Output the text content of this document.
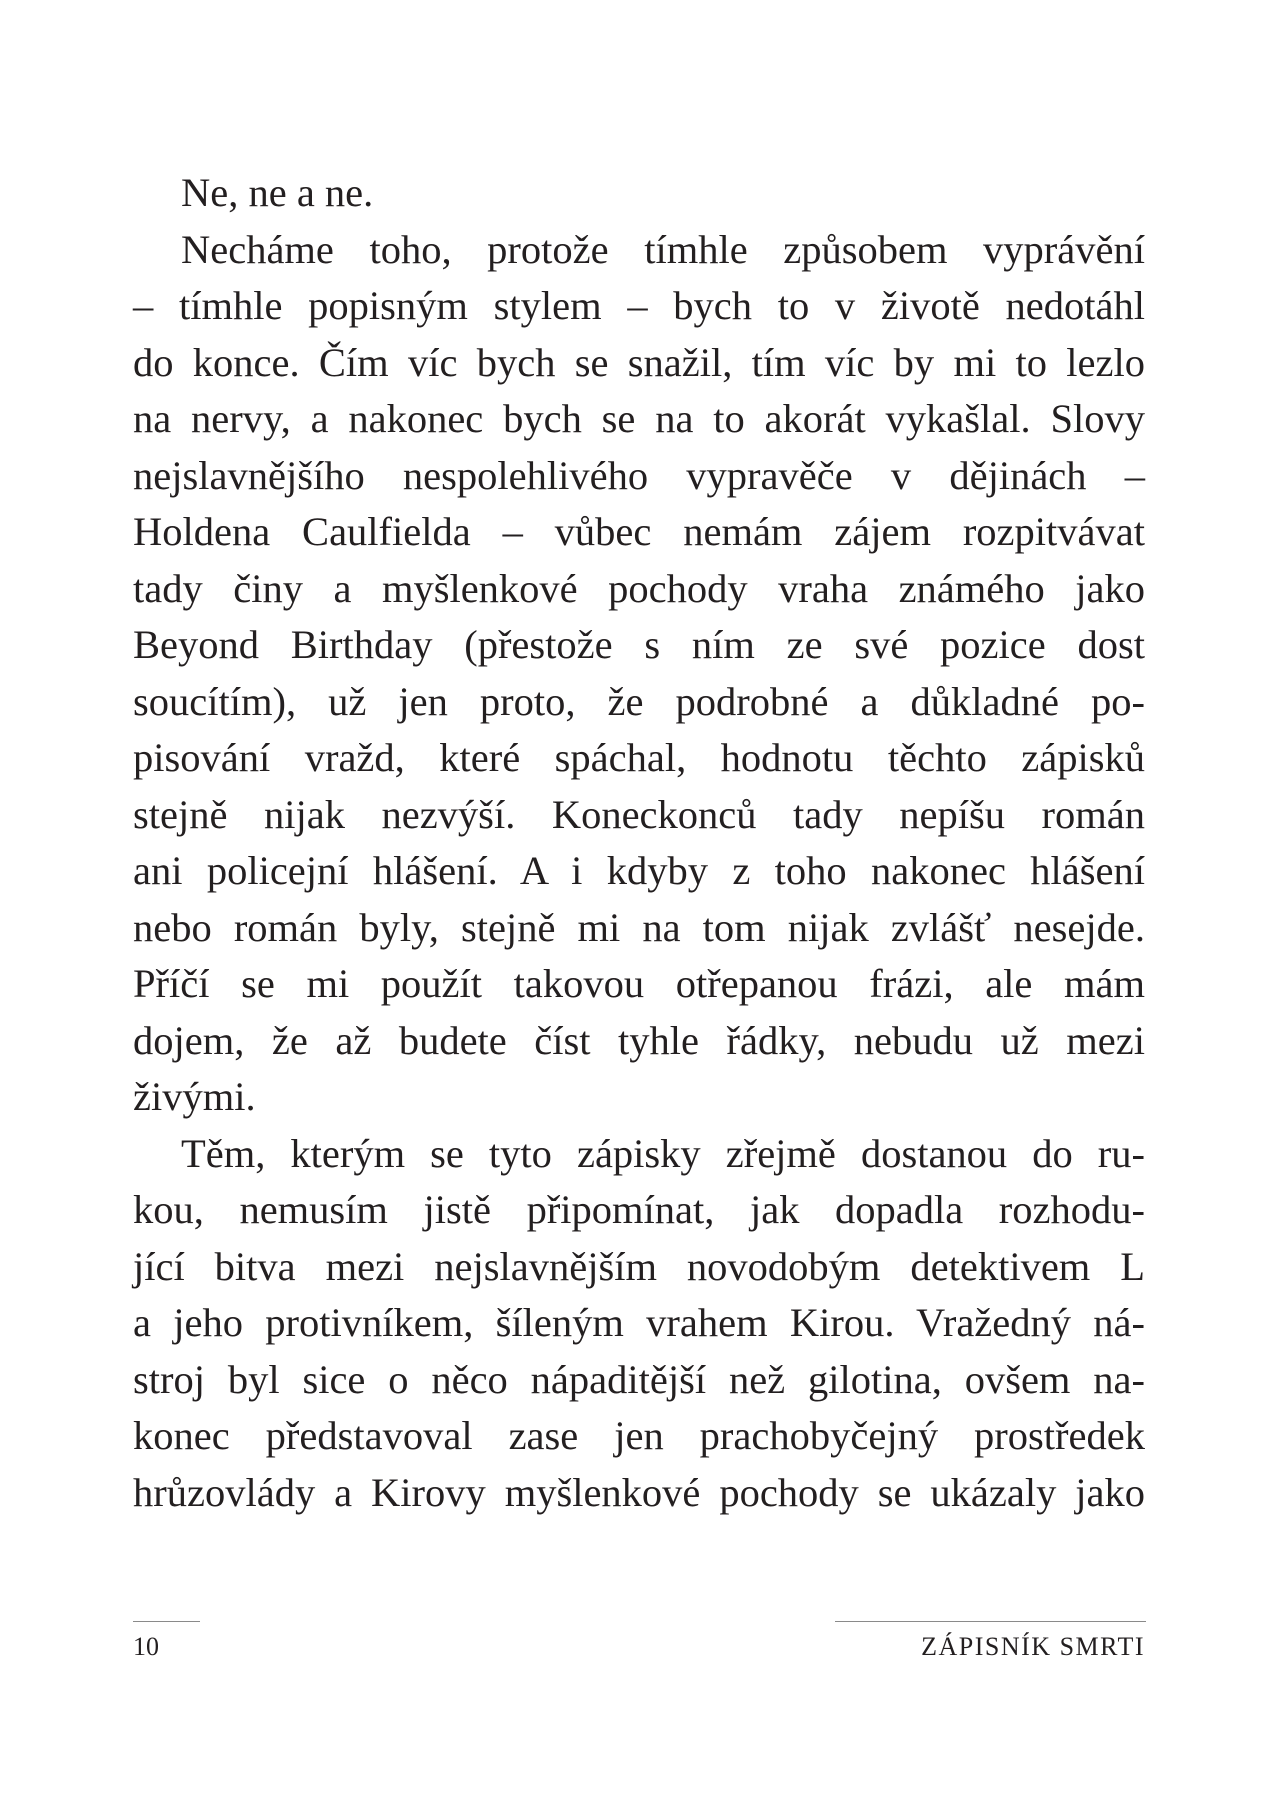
Ne, ne a ne.
Necháme toho, protože tímhle způsobem vyprávění
– tímhle popisným stylem – bych to v životě nedotáhl
do konce. Čím víc bych se snažil, tím víc by mi to lezlo
na nervy, a nakonec bych se na to akorát vykašlal. Slovy
nejslavnějšího nespolehlivého vypravěče v dějinách –
Holdena Caulfielda – vůbec nemám zájem rozpitvávat
tady činy a myšlenkové pochody vraha známého jako
Beyond Birthday (přestože s ním ze své pozice dost
soucítím), už jen proto, že podrobné a důkladné po-
pisování vražd, které spáchal, hodnotu těchto zápisků
stejně nijak nezvýší. Koneckonců tady nepíšu román
ani policejní hlášení. A i kdyby z toho nakonec hlášení
nebo román byly, stejně mi na tom nijak zvlášť nesejde.
Příčí se mi použít takovou otřepanou frázi, ale mám
dojem, že až budete číst tyhle řádky, nebudu už mezi
živými.
Těm, kterým se tyto zápisky zřejmě dostanou do ru-
kou, nemusím jistě připomínat, jak dopadla rozhodu-
jící bitva mezi nejslavnějším novodobým detektivem L
a jeho protivníkem, šíleným vrahem Kirou. Vražedný ná-
stroj byl sice o něco nápaditější než gilotina, ovšem na-
konec představoval zase jen prachobyčejný prostředek
hrůzovlády a Kirovy myšlenkové pochody se ukázaly jako
10	ZÁPISNÍK SMRTI
